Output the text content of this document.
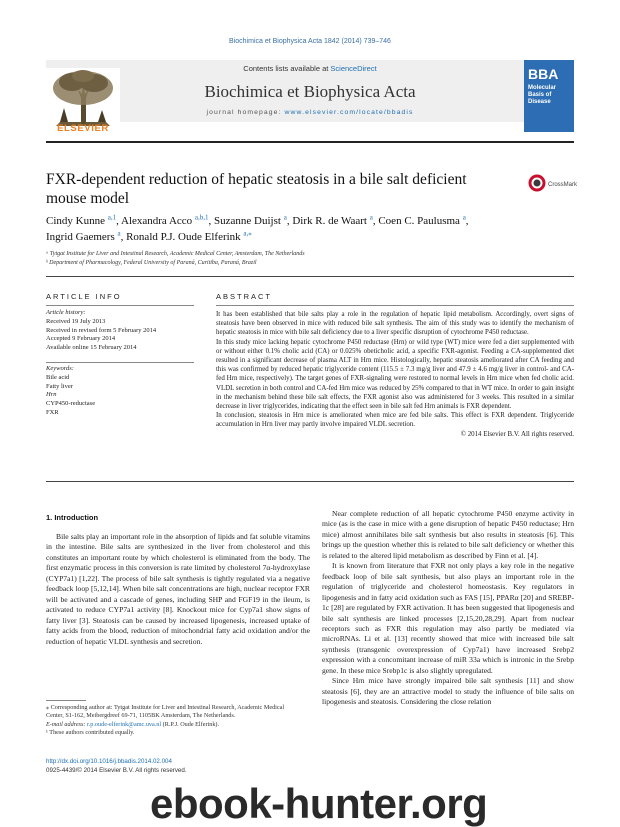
Biochimica et Biophysica Acta 1842 (2014) 739–746
Contents lists available at ScienceDirect
Biochimica et Biophysica Acta
journal homepage: www.elsevier.com/locate/bbadis
ELSEVIER
BBA
Molecular Basis of Disease
FXR-dependent reduction of hepatic steatosis in a bile salt deficient mouse model
CrossMark
Cindy Kunne $^{a,1}$, Alexandra Acco $^{a,b,1}$, Suzanne Duijst $^a$, Dirk R. de Waart $^a$, Coen C. Paulusma $^a$,
Ingrid Gaemers $^a$, Ronald P.J. Oude Elferink $^{a,⁎}$
ᵃ Tytgat Institute for Liver and Intestinal Research, Academic Medical Center, Amsterdam, The Netherlands
ᵇ Department of Pharmacology, Federal University of Paraná, Curitiba, Paraná, Brazil
ARTICLE INFO
Article history:
Received 19 July 2013
Received in revised form 5 February 2014
Accepted 9 February 2014
Available online 15 February 2014
Keywords:
Bile acid
Fatty liver
Hrn
CYP450-reductase
FXR
ABSTRACT

It has been established that bile salts play a role in the regulation of hepatic lipid metabolism. Accordingly, overt signs of steatosis have been observed in mice with reduced bile salt synthesis. The aim of this study was to identify the mechanism of hepatic steatosis in mice with bile salt deficiency due to a liver specific disruption of cytochrome P450 reductase.

In this study mice lacking hepatic cytochrome P450 reductase (Hrn) or wild type (WT) mice were fed a diet supplemented with or without either 0.1% cholic acid (CA) or 0.025% obeticholic acid, a specific FXR-agonist. Feeding a CA-supplemented diet resulted in a significant decrease of plasma ALT in Hrn mice. Histologically, hepatic steatosis ameliorated after CA feeding and this was confirmed by reduced hepatic triglyceride content (115.5 ± 7.3 mg/g liver and 47.9 ± 4.6 mg/g liver in control- and CA-fed Hrn mice, respectively). The target genes of FXR-signaling were restored to normal levels in Hrn mice when fed cholic acid. VLDL secretion in both control and CA-fed Hrn mice was reduced by 25% compared to that in WT mice. In order to gain insight in the mechanism behind these bile salt effects, the FXR agonist also was administered for 3 weeks. This resulted in a similar decrease in liver triglycerides, indicating that the effect seen in bile salt fed Hrn animals is FXR dependent.

In conclusion, steatosis in Hrn mice is ameliorated when mice are fed bile salts. This effect is FXR dependent. Triglyceride accumulation in Hrn liver may partly involve impaired VLDL secretion.

© 2014 Elsevier B.V. All rights reserved.

1. Introduction

Bile salts play an important role in the absorption of lipids and fat soluble vitamins in the intestine. Bile salts are synthesized in the liver from cholesterol and this constitutes an important route by which cholesterol is eliminated from the body. The first enzymatic process in this conversion is rate limited by cholesterol 7α-hydroxylase (CYP7a1) [1,22]. The process of bile salt synthesis is tightly regulated via a negative feedback loop [5,12,14]. When bile salt concentrations are high, nuclear receptor FXR will be activated and a cascade of genes, including SHP and FGF19 in the ileum, is activated to reduce CYP7a1 activity [8]. Knockout mice for Cyp7a1 show signs of fatty liver [3]. Steatosis can be caused by increased lipogenesis, increased uptake of fatty acids from the blood, reduction of mitochondrial fatty acid oxidation and/or the reduction of hepatic VLDL synthesis and secretion.

Near complete reduction of all hepatic cytochrome P450 enzyme activity in mice (as is the case in mice with a gene disruption of hepatic P450 reductase; Hrn mice) almost annihilates bile salt synthesis but also results in steatosis [6]. This brings up the question whether this is related to bile salt deficiency or whether this is related to the altered lipid metabolism as described by Finn et al. [4].

It is known from literature that FXR not only plays a key role in the negative feedback loop of bile salt synthesis, but also plays an important role in the regulation of triglyceride and cholesterol homeostasis. Key regulators in lipogenesis and in fatty acid oxidation such as FAS [15], PPARα [20] and SREBP-1c [28] are regulated by FXR activation. It has been suggested that lipogenesis and bile salt synthesis are linked processes [2,15,20,28,29]. Apart from nuclear receptors such as FXR this regulation may also partly be mediated via microRNAs. Li et al. [13] recently showed that mice with increased bile salt synthesis (transgenic overexpression of Cyp7a1) have increased Srebp2 expression with a concomitant increase of miR 33a which is intronic in the Srebp gene. In these mice Srebp1c is also slightly upregulated.

Since Hrn mice have strongly impaired bile salt synthesis [11] and show steatosis [6], they are an attractive model to study the influence of bile salts on lipogenesis and steatosis. Considering the close relation

⁎ Corresponding author at: Tytgat Institute for Liver and Intestinal Research, Academic Medical Center, S1-162, Meibergdreef 69-71, 1105BK Amsterdam, The Netherlands.
E-mail address: r.p.oude-elferink@amc.uva.nl (R.P.J. Oude Elferink).
¹ These authors contributed equally.
http://dx.doi.org/10.1016/j.bbadis.2014.02.004
0925-4439/© 2014 Elsevier B.V. All rights reserved.
ebook-hunter.org
